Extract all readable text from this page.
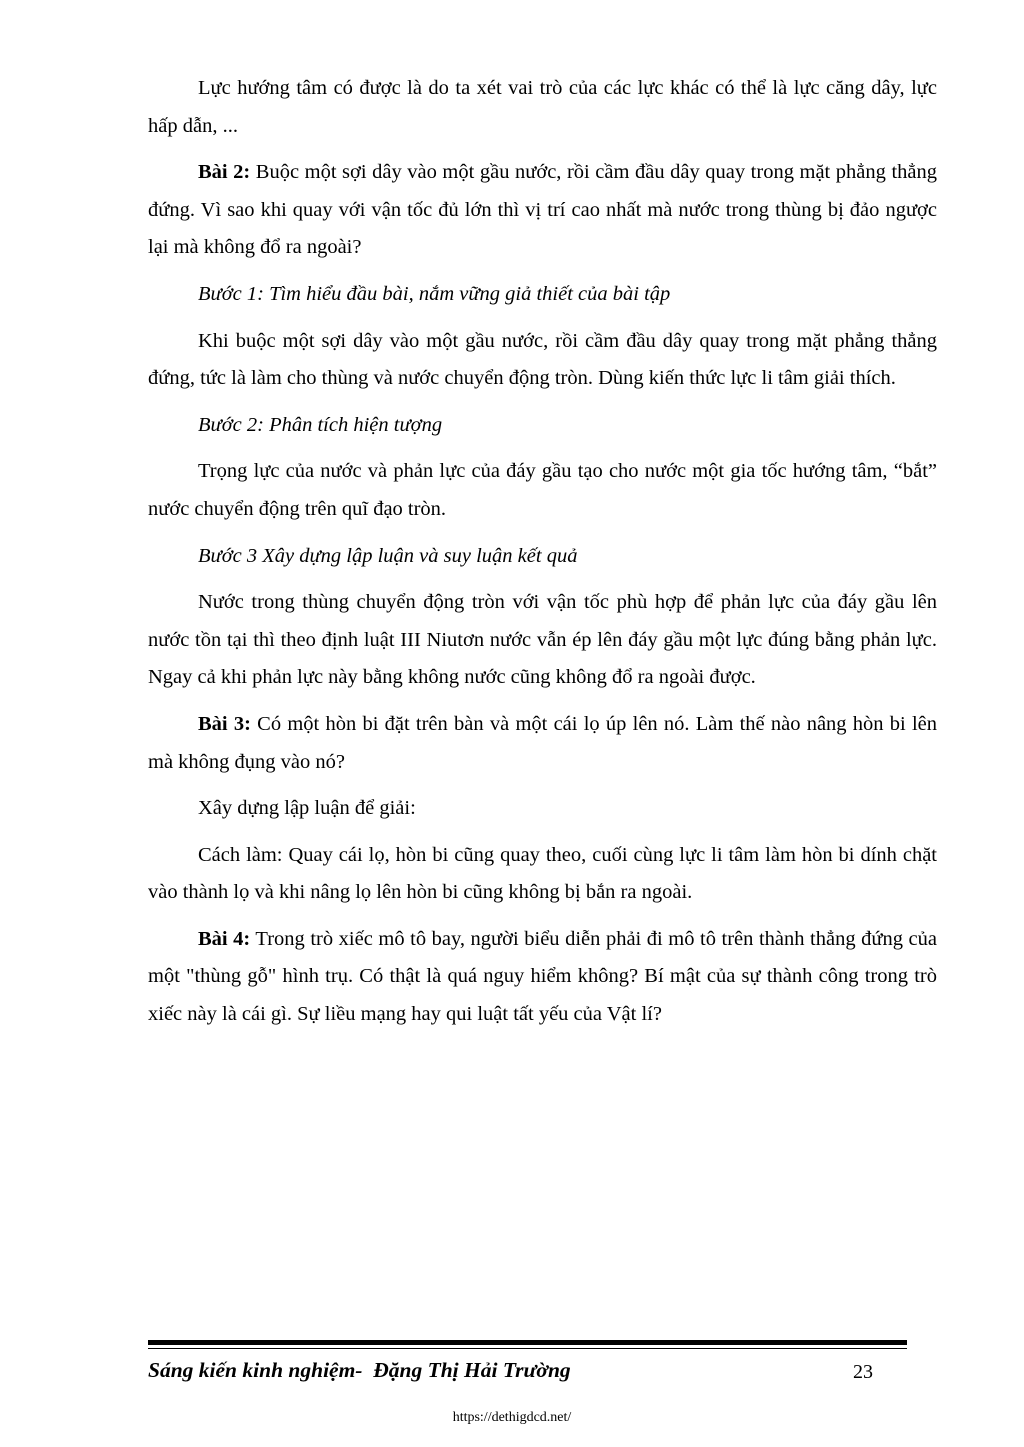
Lực hướng tâm có được là do ta xét vai trò của các lực khác có thể là lực căng dây, lực hấp dẫn, ...

Bài 2: Buộc một sợi dây vào một gầu nước, rồi cầm đầu dây quay trong mặt phẳng thẳng đứng. Vì sao khi quay với vận tốc đủ lớn thì vị trí cao nhất mà nước trong thùng bị đảo ngược lại mà không đổ ra ngoài?

Bước 1: Tìm hiểu đầu bài, nắm vững giả thiết của bài tập

Khi buộc một sợi dây vào một gầu nước, rồi cầm đầu dây quay trong mặt phẳng thẳng đứng, tức là làm cho thùng và nước chuyển động tròn. Dùng kiến thức lực li tâm giải thích.

Bước 2: Phân tích hiện tượng

Trọng lực của nước và phản lực của đáy gầu tạo cho nước một gia tốc hướng tâm, “bắt” nước chuyển động trên quĩ đạo tròn.

Bước 3 Xây dựng lập luận và suy luận kết quả

Nước trong thùng chuyển động tròn với vận tốc phù hợp để phản lực của đáy gầu lên nước tồn tại thì theo định luật III Niutơn nước vẫn ép lên đáy gầu một lực đúng bằng phản lực. Ngay cả khi phản lực này bằng không nước cũng không đổ ra ngoài được.

Bài 3: Có một hòn bi đặt trên bàn và một cái lọ úp lên nó. Làm thế nào nâng hòn bi lên mà không đụng vào nó?

Xây dựng lập luận để giải:

Cách làm: Quay cái lọ, hòn bi cũng quay theo, cuối cùng lực li tâm làm hòn bi dính chặt vào thành lọ và khi nâng lọ lên hòn bi cũng không bị bắn ra ngoài.

Bài 4: Trong trò xiếc mô tô bay, người biểu diễn phải đi mô tô trên thành thẳng đứng của một "thùng gỗ" hình trụ. Có thật là quá nguy hiểm không? Bí mật của sự thành công trong trò xiếc này là cái gì. Sự liều mạng hay qui luật tất yếu của Vật lí?

Sáng kiến kinh nghiệm-  Đặng Thị Hải Trường	23
https://dethigdcd.net/
